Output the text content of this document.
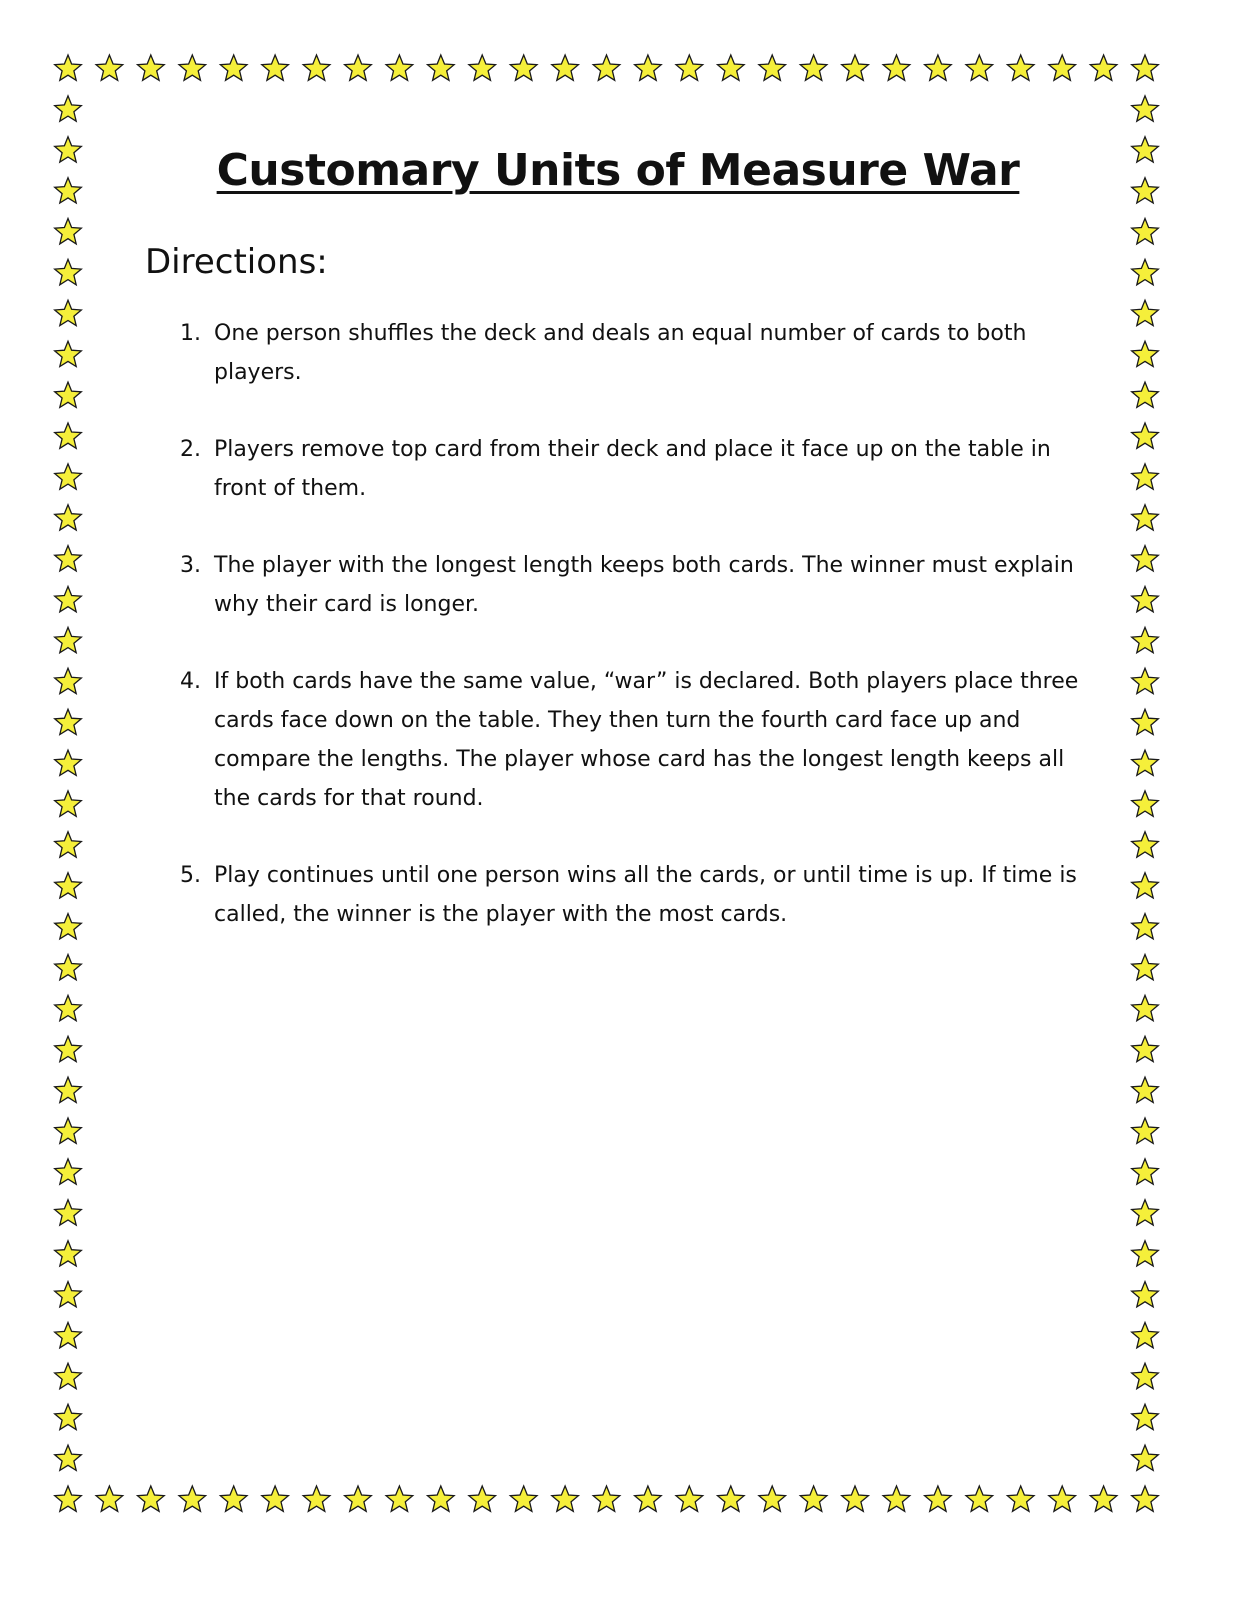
Customary Units of Measure War
Directions:
1. One person shuffles the deck and deals an equal number of cards to both players.
2. Players remove top card from their deck and place it face up on the table in front of them.
3. The player with the longest length keeps both cards. The winner must explain why their card is longer.
4. If both cards have the same value, “war” is declared. Both players place three cards face down on the table. They then turn the fourth card face up and compare the lengths. The player whose card has the longest length keeps all the cards for that round.
5. Play continues until one person wins all the cards, or until time is up. If time is called, the winner is the player with the most cards.
